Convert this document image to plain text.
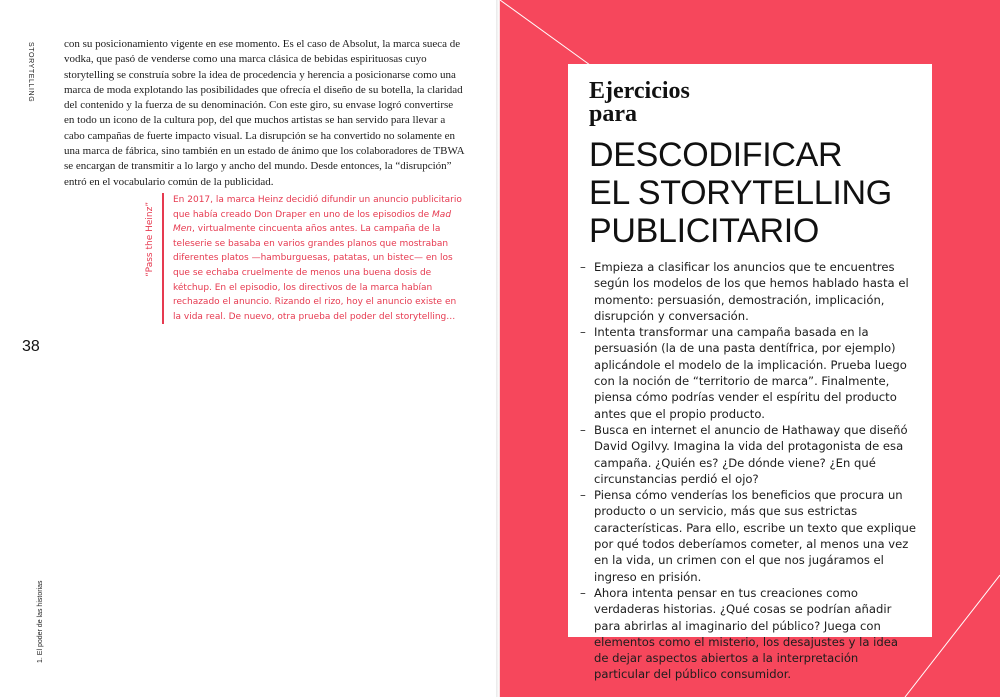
STORYTELLING	con su posicionamiento vigente en ese momento. Es el caso de Absolut, la marca sueca de vodka, que pasó de venderse como una marca clásica de bebidas espirituosas cuyo storytelling se construía sobre la idea de procedencia y herencia a posicionarse como una marca de moda explotando las posibilidades que ofrecía el diseño de su botella, la claridad del contenido y la fuerza de su denominación. Con este giro, su envase logró convertirse en todo un icono de la cultura pop, del que muchos artistas se han servido para llevar a cabo campañas de fuerte impacto visual. La disrupción se ha convertido no solamente en una marca de fábrica, sino también en un estado de ánimo que los colaboradores de TBWA se encargan de transmitir a lo largo y ancho del mundo. Desde entonces, la “disrupción” entró en el vocabulario común de la publicidad.

“Pass the Heinz”

En 2017, la marca Heinz decidió difundir un anuncio publicitario que había creado Don Draper en uno de los episodios de Mad Men, virtualmente cincuenta años antes. La campaña de la teleserie se basaba en varios grandes planos que mostraban diferentes platos —hamburguesas, patatas, un bistec— en los que se echaba cruelmente de menos una buena dosis de kétchup. En el episodio, los directivos de la marca habían rechazado el anuncio. Rizando el rizo, hoy el anuncio existe en la vida real. De nuevo, otra prueba del poder del storytelling…

38
1. El poder de las historias

Ejercicios
para

DESCODIFICAR
EL STORYTELLING
PUBLICITARIO
– Empieza a clasificar los anuncios que te encuentres según los modelos de los que hemos hablado hasta el momento: persuasión, demostración, implicación, disrupción y conversación.
– Intenta transformar una campaña basada en la persuasión (la de una pasta dentífrica, por ejemplo) aplicándole el modelo de la implicación. Prueba luego con la noción de “territorio de marca”. Finalmente, piensa cómo podrías vender el espíritu del producto antes que el propio producto.
– Busca en internet el anuncio de Hathaway que diseñó David Ogilvy. Imagina la vida del protagonista de esa campaña. ¿Quién es? ¿De dónde viene? ¿En qué circunstancias perdió el ojo?
– Piensa cómo venderías los beneficios que procura un producto o un servicio, más que sus estrictas características. Para ello, escribe un texto que explique por qué todos deberíamos cometer, al menos una vez en la vida, un crimen con el que nos jugáramos el ingreso en prisión.
– Ahora intenta pensar en tus creaciones como verdaderas historias. ¿Qué cosas se podrían añadir para abrirlas al imaginario del público? Juega con elementos como el misterio, los desajustes y la idea de dejar aspectos abiertos a la interpretación particular del público consumidor.
